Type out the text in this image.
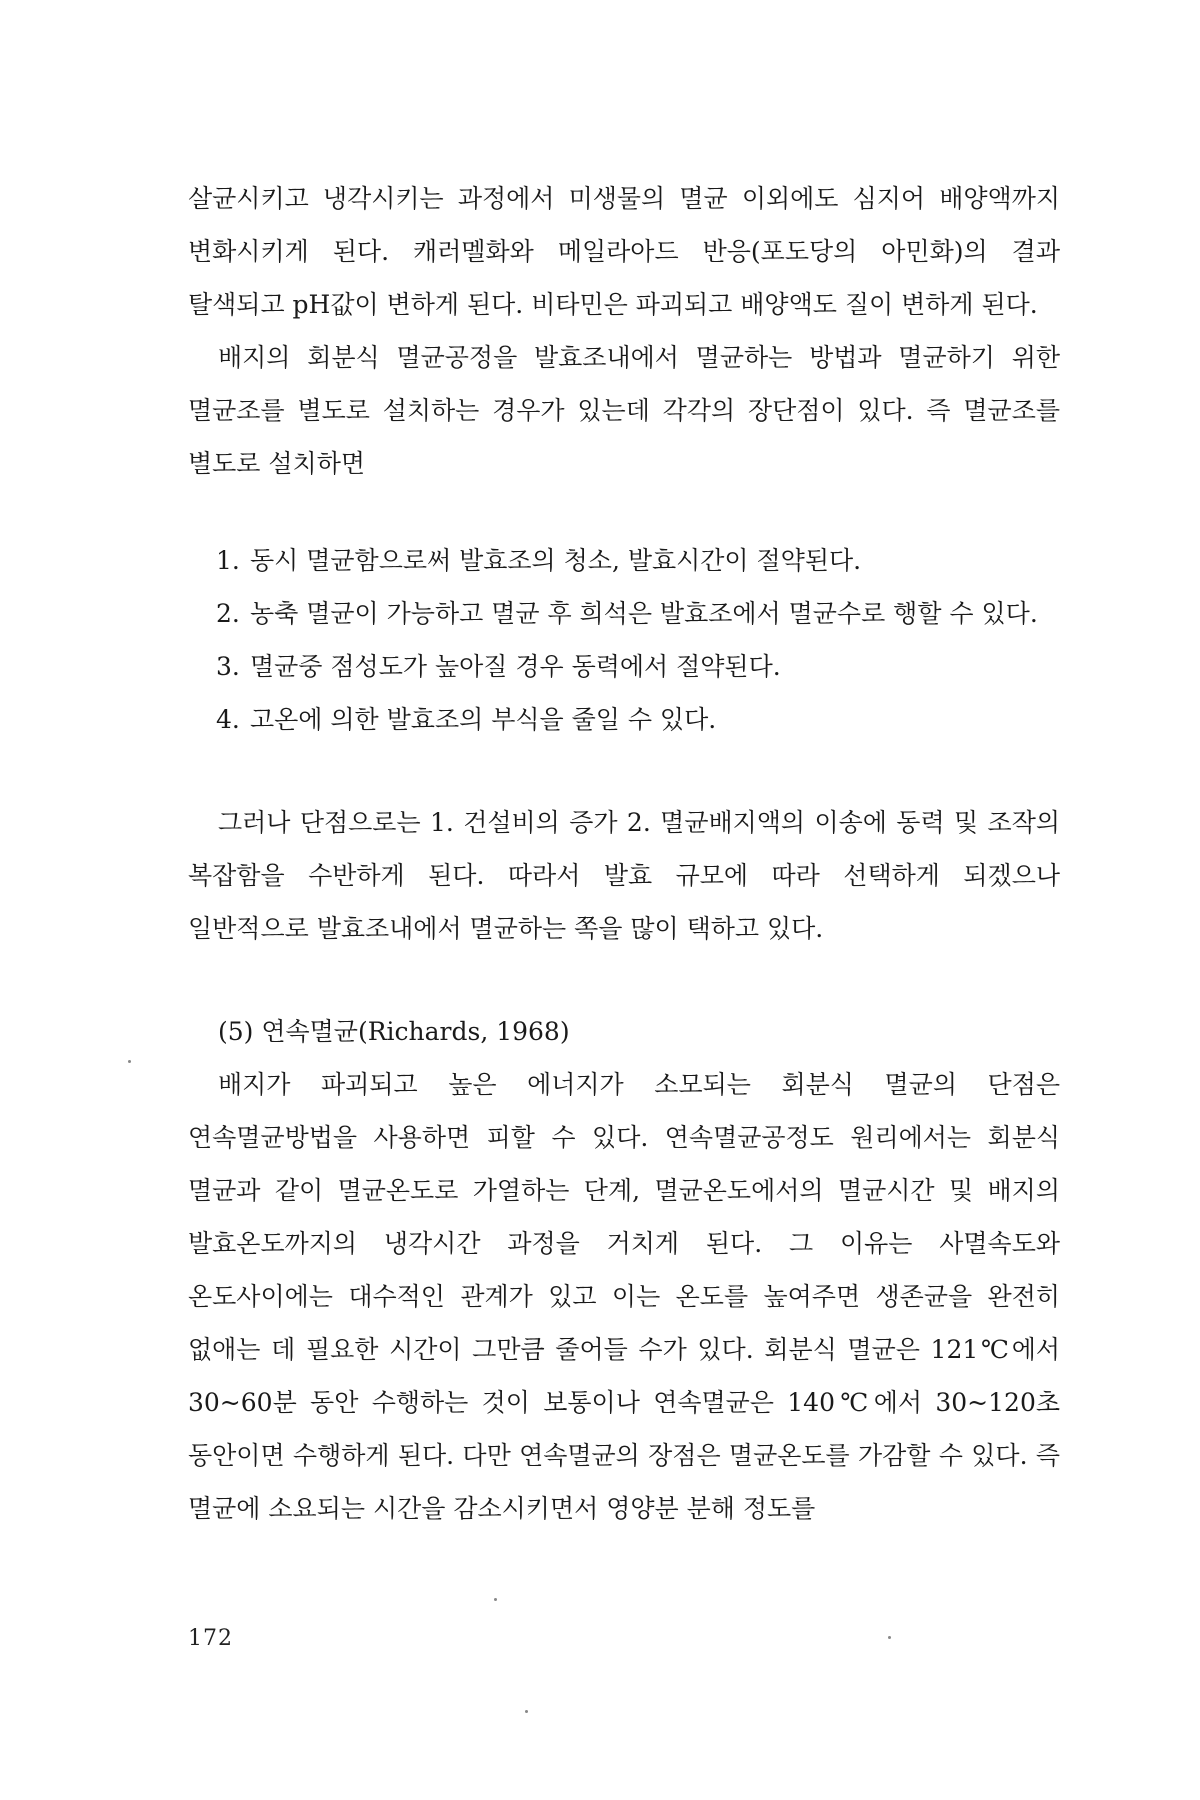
살균시키고 냉각시키는 과정에서 미생물의 멸균 이외에도 심지어 배양액까지 변화시키게 된다. 캐러멜화와 메일라아드 반응(포도당의 아민화)의 결과 탈색되고 pH값이 변하게 된다. 비타민은 파괴되고 배양액도 질이 변하게 된다.

배지의 회분식 멸균공정을 발효조내에서 멸균하는 방법과 멸균하기 위한 멸균조를 별도로 설치하는 경우가 있는데 각각의 장단점이 있다. 즉 멸균조를 별도로 설치하면

1. 동시 멸균함으로써 발효조의 청소, 발효시간이 절약된다.
2. 농축 멸균이 가능하고 멸균 후 희석은 발효조에서 멸균수로 행할 수 있다.
3. 멸균중 점성도가 높아질 경우 동력에서 절약된다.
4. 고온에 의한 발효조의 부식을 줄일 수 있다.

그러나 단점으로는 1. 건설비의 증가 2. 멸균배지액의 이송에 동력 및 조작의 복잡함을 수반하게 된다. 따라서 발효 규모에 따라 선택하게 되겠으나 일반적으로 발효조내에서 멸균하는 쪽을 많이 택하고 있다.

(5) 연속멸균(Richards, 1968)

배지가 파괴되고 높은 에너지가 소모되는 회분식 멸균의 단점은 연속멸균방법을 사용하면 피할 수 있다. 연속멸균공정도 원리에서는 회분식 멸균과 같이 멸균온도로 가열하는 단계, 멸균온도에서의 멸균시간 및 배지의 발효온도까지의 냉각시간 과정을 거치게 된다. 그 이유는 사멸속도와 온도사이에는 대수적인 관계가 있고 이는 온도를 높여주면 생존균을 완전히 없애는 데 필요한 시간이 그만큼 줄어들 수가 있다. 회분식 멸균은 121℃에서 30~60분 동안 수행하는 것이 보통이나 연속멸균은 140℃에서 30~120초 동안이면 수행하게 된다. 다만 연속멸균의 장점은 멸균온도를 가감할 수 있다. 즉 멸균에 소요되는 시간을 감소시키면서 영양분 분해 정도를

172
